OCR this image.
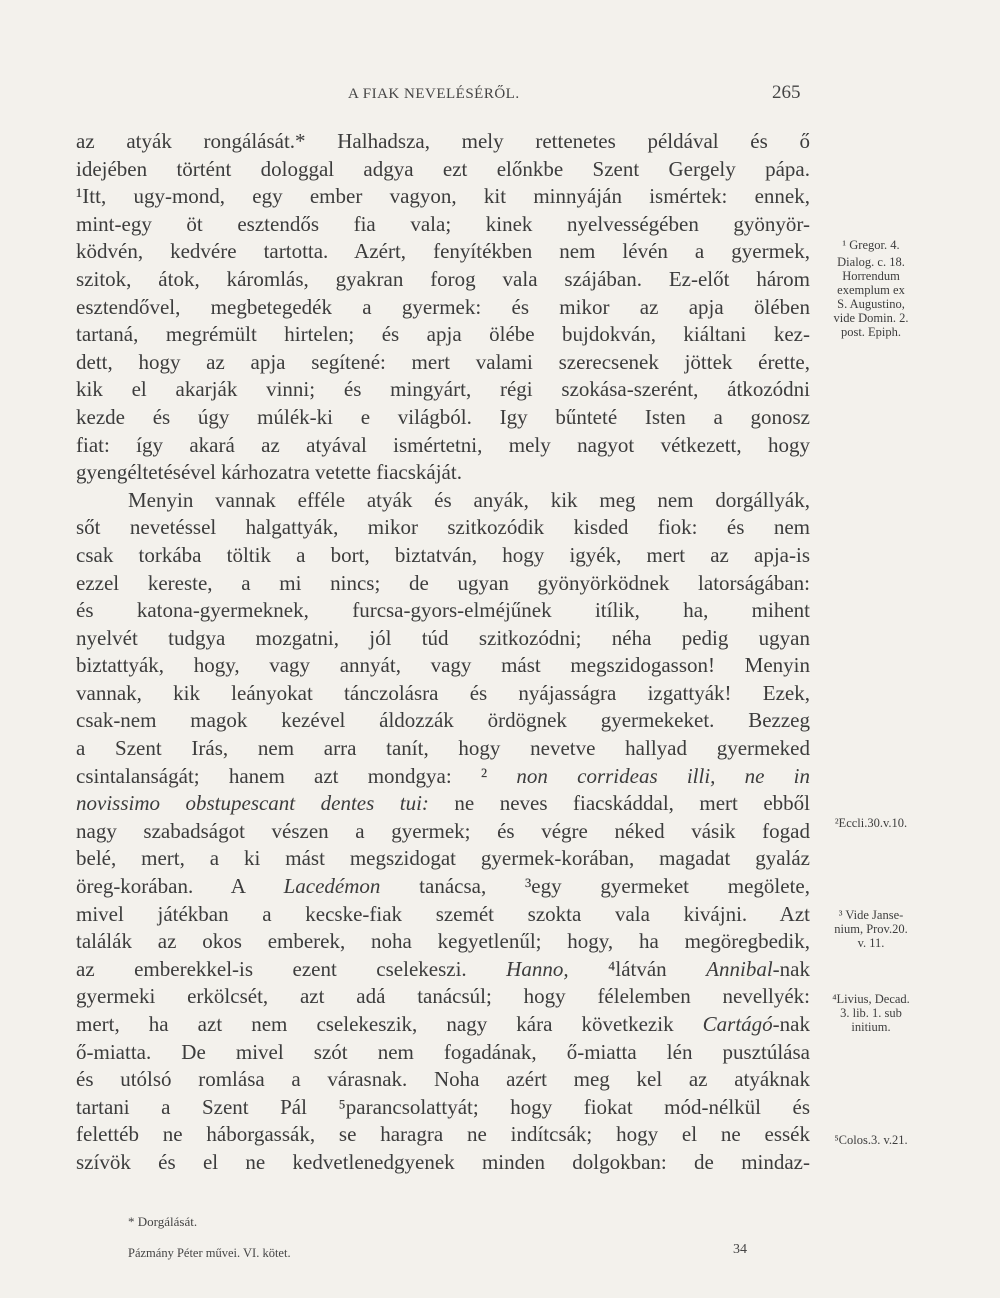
A FIAK NEVELÉSÉRŐL.	265
az atyák rongálását.* Halhadsza, mely rettenetes példával és ő
idejében történt dologgal adgya ezt előnkbe Szent Gergely pápa.
¹Itt, ugy-mond, egy ember vagyon, kit minnyáján ismértek: ennek,
mint-egy öt esztendős fia vala; kinek nyelvességében gyönyör-
ködvén, kedvére tartotta. Azért, fenyítékben nem lévén a gyermek,
szitok, átok, káromlás, gyakran forog vala szájában. Ez-előt három
esztendővel, megbetegedék a gyermek: és mikor az apja ölében
tartaná, megrémült hirtelen; és apja ölébe bujdokván, kiáltani kez-
dett, hogy az apja segítené: mert valami szerecsenek jöttek érette,
kik el akarják vinni; és mingyárt, régi szokása-szerént, átkozódni
kezde és úgy múlék-ki e világból. Igy bűnteté Isten a gonosz
fiat: így akará az atyával ismértetni, mely nagyot vétkezett, hogy
gyengéltetésével kárhozatra vetette fiacskáját.
Menyin vannak efféle atyák és anyák, kik meg nem dorgállyák,
sőt nevetéssel halgattyák, mikor szitkozódik kisded fiok: és nem
csak torkába töltik a bort, biztatván, hogy igyék, mert az apja-is
ezzel kereste, a mi nincs; de ugyan gyönyörködnek latorságában:
és katona-gyermeknek, furcsa-gyors-elméjűnek itílik, ha, mihent
nyelvét tudgya mozgatni, jól túd szitkozódni; néha pedig ugyan
biztattyák, hogy, vagy annyát, vagy mást megszidogasson! Menyin
vannak, kik leányokat tánczolásra és nyájasságra izgattyák! Ezek,
csak-nem magok kezével áldozzák ördögnek gyermekeket. Bezzeg
a Szent Irás, nem arra tanít, hogy nevetve hallyad gyermeked
csintalanságát; hanem azt mondgya: ² non corrideas illi, ne in
novissimo obstupescant dentes tui: ne neves fiacskáddal, mert ebből
nagy szabadságot vészen a gyermek; és végre néked vásik fogad
belé, mert, a ki mást megszidogat gyermek-korában, magadat gyaláz
öreg-korában. A Lacedémon tanácsa, ³egy gyermeket megölete,
mivel játékban a kecske-fiak szemét szokta vala kivájni. Azt
találák az okos emberek, noha kegyetlenűl; hogy, ha megöregbedik,
az emberekkel-is ezent cselekeszi. Hanno, ⁴látván Annibal-nak
gyermeki erkölcsét, azt adá tanácsúl; hogy félelemben nevellyék:
mert, ha azt nem cselekeszik, nagy kára következik Cartágó-nak
ő-miatta. De mivel szót nem fogadának, ő-miatta lén pusztúlása
és utólsó romlása a várasnak. Noha azért meg kel az atyáknak
tartani a Szent Pál ⁵parancsolattyát; hogy fiokat mód-nélkül és
felettéb ne háborgassák, se haragra ne indítcsák; hogy el ne essék
szívök és el ne kedvetlenedgyenek minden dolgokban: de mindaz-
¹ Gregor. 4.
Dialog. c. 18.
Horrendum
exemplum ex
S. Augustino,
vide Domin. 2.
post. Epiph.
²Eccli.30.v.10.
³ Vide Janse-
nium, Prov.20.
v. 11.
⁴Livius, Decad.
3. lib. 1. sub
initium.
⁵Colos.3. v.21.
* Dorgálását.
Pázmány Péter művei. VI. kötet.	34
